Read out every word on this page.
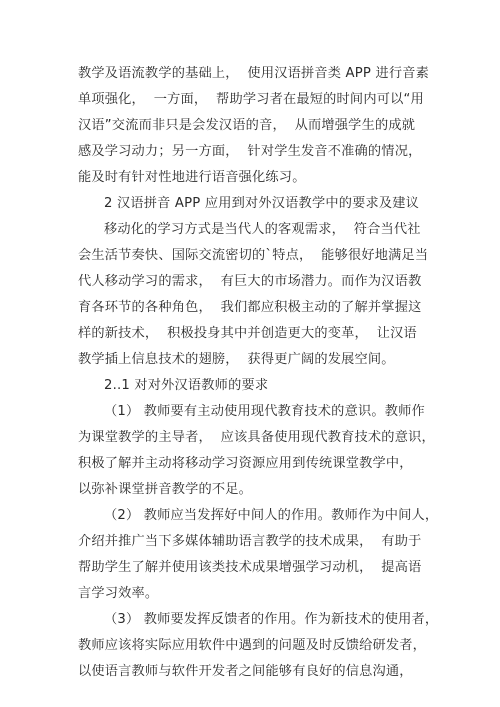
教学及语流教学的基础上，  使用汉语拼音类 APP 进行音素
单项强化，  一方面，  帮助学习者在最短的时间内可以“用
汉语”交流而非只是会发汉语的音，  从而增强学生的成就
感及学习动力；另一方面，  针对学生发音不准确的情况，
能及时有针对性地进行语音强化练习。
2 汉语拼音 APP 应用到对外汉语教学中的要求及建议
移动化的学习方式是当代人的客观需求，  符合当代社
会生活节奏快、国际交流密切的`特点，  能够很好地满足当
代人移动学习的需求，  有巨大的市场潜力。而作为汉语教
育各环节的各种角色，  我们都应积极主动的了解并掌握这
样的新技术，  积极投身其中并创造更大的变革，  让汉语
教学插上信息技术的翅膀，  获得更广阔的发展空间。
2..1 对对外汉语教师的要求
（1） 教师要有主动使用现代教育技术的意识。教师作
为课堂教学的主导者，  应该具备使用现代教育技术的意识，
积极了解并主动将移动学习资源应用到传统课堂教学中，
以弥补课堂拼音教学的不足。
（2） 教师应当发挥好中间人的作用。教师作为中间人，
介绍并推广当下多媒体辅助语言教学的技术成果，  有助于
帮助学生了解并使用该类技术成果增强学习动机，  提高语
言学习效率。
（3） 教师要发挥反馈者的作用。作为新技术的使用者，
教师应该将实际应用软件中遇到的问题及时反馈给研发者，
以使语言教师与软件开发者之间能够有良好的信息沟通，
